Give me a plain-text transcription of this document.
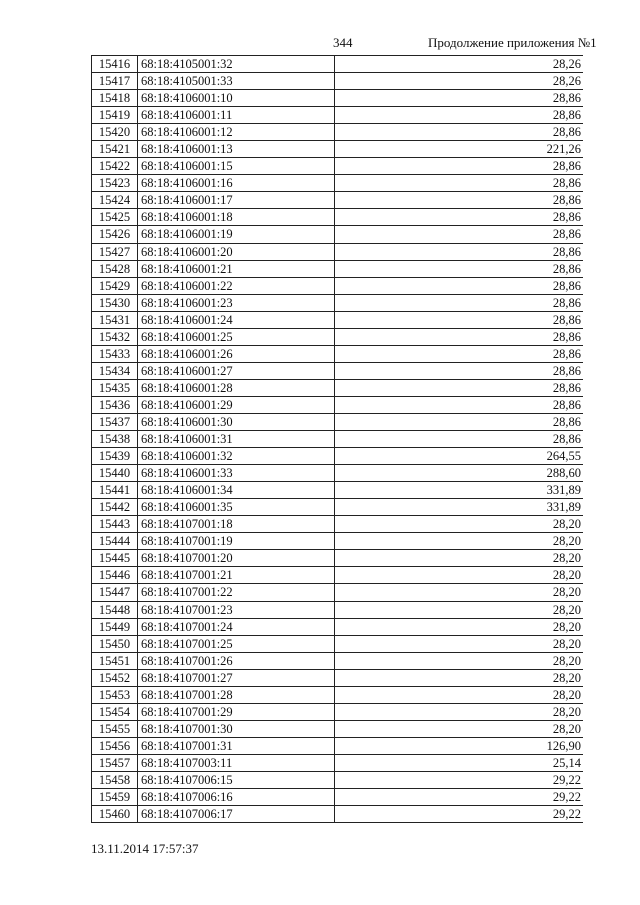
344	Продолжение приложения №1
15416 68:18:4105001:32	28,26
15417 68:18:4105001:33	28,26
15418 68:18:4106001:10	28,86
15419 68:18:4106001:11	28,86
15420 68:18:4106001:12	28,86
15421 68:18:4106001:13	221,26
15422 68:18:4106001:15	28,86
15423 68:18:4106001:16	28,86
15424 68:18:4106001:17	28,86
15425 68:18:4106001:18	28,86
15426 68:18:4106001:19	28,86
15427 68:18:4106001:20	28,86
15428 68:18:4106001:21	28,86
15429 68:18:4106001:22	28,86
15430 68:18:4106001:23	28,86
15431 68:18:4106001:24	28,86
15432 68:18:4106001:25	28,86
15433 68:18:4106001:26	28,86
15434 68:18:4106001:27	28,86
15435 68:18:4106001:28	28,86
15436 68:18:4106001:29	28,86
15437 68:18:4106001:30	28,86
15438 68:18:4106001:31	28,86
15439 68:18:4106001:32	264,55
15440 68:18:4106001:33	288,60
15441 68:18:4106001:34	331,89
15442 68:18:4106001:35	331,89
15443 68:18:4107001:18	28,20
15444 68:18:4107001:19	28,20
15445 68:18:4107001:20	28,20
15446 68:18:4107001:21	28,20
15447 68:18:4107001:22	28,20
15448 68:18:4107001:23	28,20
15449 68:18:4107001:24	28,20
15450 68:18:4107001:25	28,20
15451 68:18:4107001:26	28,20
15452 68:18:4107001:27	28,20
15453 68:18:4107001:28	28,20
15454 68:18:4107001:29	28,20
15455 68:18:4107001:30	28,20
15456 68:18:4107001:31	126,90
15457 68:18:4107003:11	25,14
15458 68:18:4107006:15	29,22
15459 68:18:4107006:16	29,22
15460 68:18:4107006:17	29,22
13.11.2014 17:57:37
